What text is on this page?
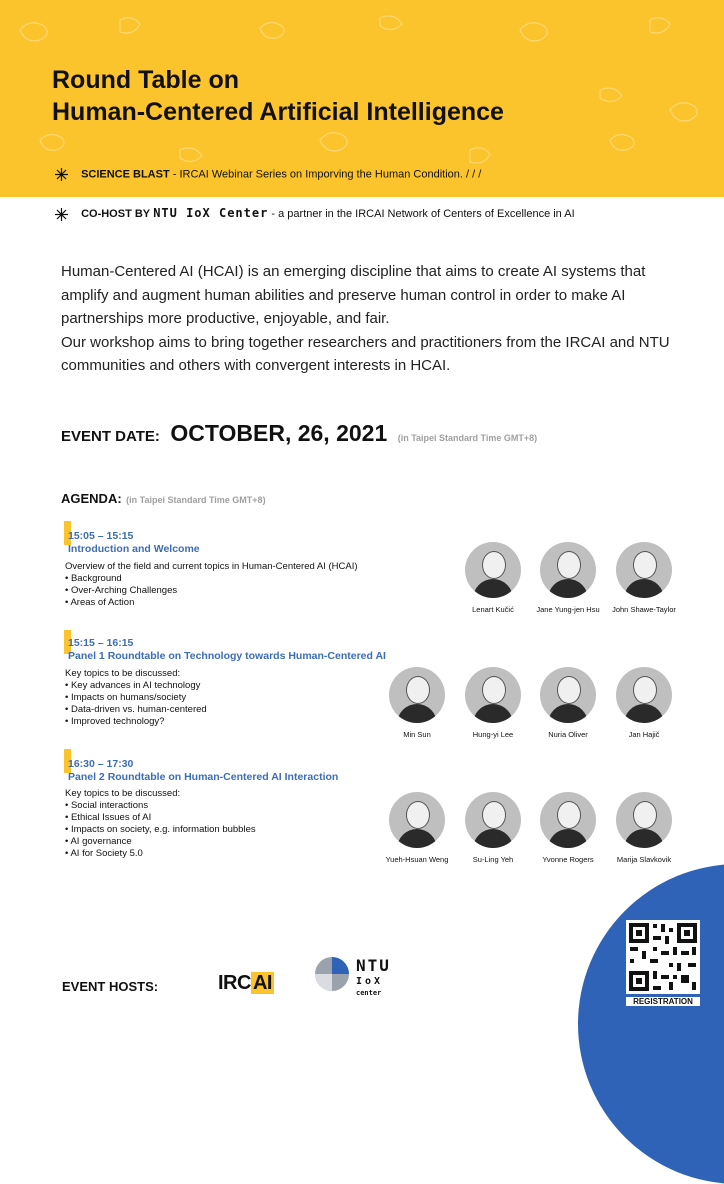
Round Table on
Human-Centered Artificial Intelligence
SCIENCE BLAST - IRCAI Webinar Series on Imporving the Human Condition. / / /
CO-HOST BY NTU IoX Center - a partner in the IRCAI Network of Centers of Excellence in AI

Human-Centered AI (HCAI) is an emerging discipline that aims to create AI systems that amplify and augment human abilities and preserve human control in order to make AI partnerships more productive, enjoyable, and fair.

Our workshop aims to bring together researchers and practitioners from the IRCAI and NTU communities and others with convergent interests in HCAI.

EVENT DATE: OCTOBER, 26, 2021 (in Taipei Standard Time GMT+8)
AGENDA: (in Taipei Standard Time GMT+8)
15:05 – 15:15
Introduction and Welcome
Overview of the field and current topics in Human-Centered AI (HCAI)
• Background
• Over-Arching Challenges
• Areas of Action
Lenart Kučić	Jane Yung-jen Hsu	John Shawe-Taylor
15:15 – 16:15
Panel 1 Roundtable on Technology towards Human-Centered AI
Key topics to be discussed:
• Key advances in AI technology
• Impacts on humans/society
• Data-driven vs. human-centered
• Improved technology?
Min Sun	Hung-yi Lee	Nuria Oliver	Jan Hajič
16:30 – 17:30
Panel 2 Roundtable on Human-Centered AI Interaction
Key topics to be discussed:
• Social interactions
• Ethical Issues of AI
• Impacts on society, e.g. information bubbles
• AI governance
• AI for Society 5.0
Yueh-Hsuan Weng	Su-Ling Yeh	Yvonne Rogers	Marija Slavkovik
REGISTRATION
EVENT HOSTS:	IRC AI
NTU
IoX
center
